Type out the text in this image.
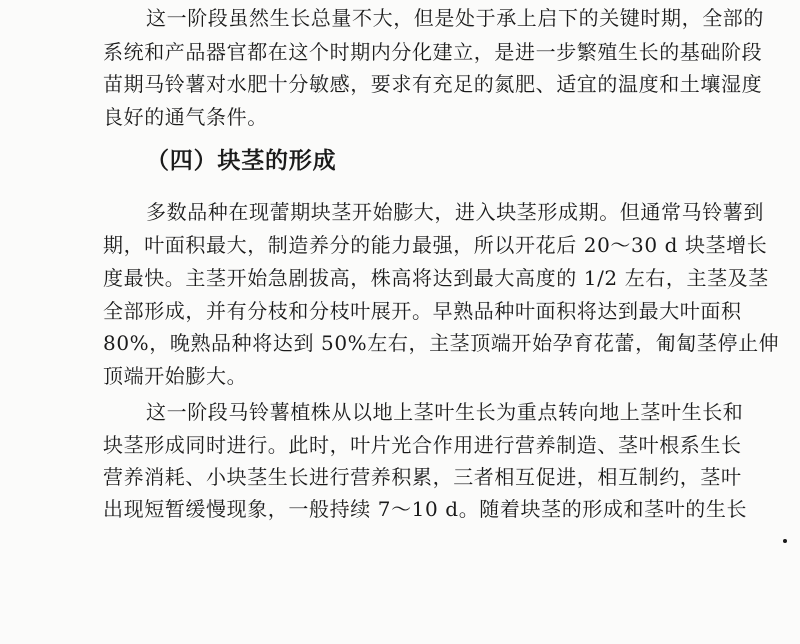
这一阶段虽然生长总量不大，但是处于承上启下的关键时期，全部的
系统和产品器官都在这个时期内分化建立，是进一步繁殖生长的基础阶段
苗期马铃薯对水肥十分敏感，要求有充足的氮肥、适宜的温度和土壤湿度
良好的通气条件。
（四）块茎的形成
多数品种在现蕾期块茎开始膨大，进入块茎形成期。但通常马铃薯到
期，叶面积最大，制造养分的能力最强，所以开花后 20～30 d 块茎增长
度最快。主茎开始急剧拔高，株高将达到最大高度的 1/2 左右，主茎及茎
全部形成，并有分枝和分枝叶展开。早熟品种叶面积将达到最大叶面积
80%，晚熟品种将达到 50%左右，主茎顶端开始孕育花蕾，匍匐茎停止伸
顶端开始膨大。
这一阶段马铃薯植株从以地上茎叶生长为重点转向地上茎叶生长和
块茎形成同时进行。此时，叶片光合作用进行营养制造、茎叶根系生长
营养消耗、小块茎生长进行营养积累，三者相互促进，相互制约，茎叶
出现短暂缓慢现象，一般持续 7～10 d。随着块茎的形成和茎叶的生长
